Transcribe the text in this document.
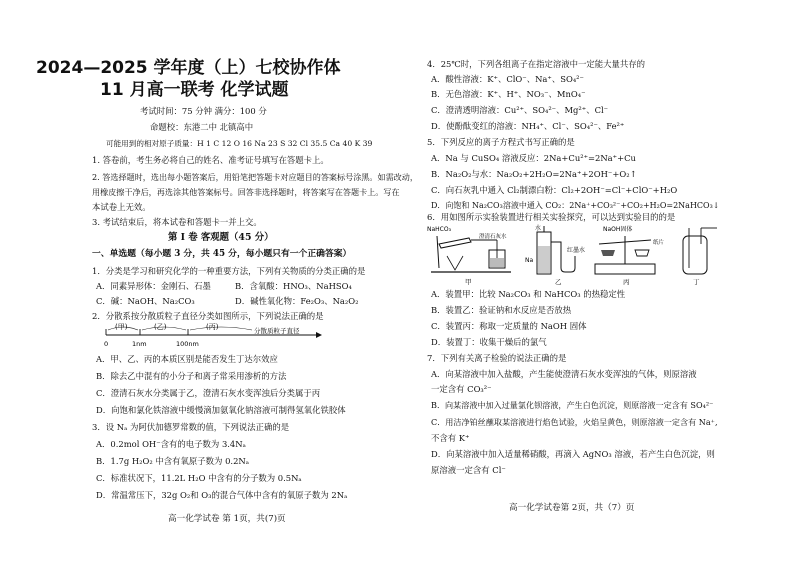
2024—2025 学年度（上）七校协作体
11 月高一联考 化学试题
考试时间：75 分钟 满分：100 分
命题校：东港二中 北镇高中
可能用到的相对原子质量：H 1 C 12 O 16 Na 23 S 32 Cl 35.5 Ca 40 K 39
1. 答卷前，考生务必将自己的姓名、准考证号填写在答题卡上。
2. 答选择题时，选出每小题答案后，用铅笔把答题卡对应题目的答案标号涂黑。如需改动，
用橡皮擦干净后，再选涂其他答案标号。回答非选择题时，将答案写在答题卡上。写在
本试卷上无效。
3. 考试结束后，将本试卷和答题卡一并上交。
第 Ⅰ 卷 客观题（45 分）
一、单选题（每小题 3 分，共 45 分，每小题只有一个正确答案）
1．分类是学习和研究化学的一种重要方法，下列有关物质的分类正确的是
A．同素异形体：金刚石、石墨	B．含氧酸：HNO₃、NaHSO₄
C．碱：NaOH、Na₂CO₃	D．碱性氧化物：Fe₂O₃、Na₂O₂
2．分散系按分散质粒子直径分类如图所示，下列说法正确的是
(甲)	(乙)	(丙)
0	1nm	100nm
分散质粒子直径
A．甲、乙、丙的本质区别是能否发生丁达尔效应
B．除去乙中混有的小分子和离子常采用渗析的方法
C．澄清石灰水分类属于乙，澄清石灰水变浑浊后分类属于丙
D．向饱和氯化铁溶液中缓慢滴加氨氧化钠溶液可制得氢氧化铁胶体
3．设 Nₐ 为阿伏加德罗常数的值，下列说法正确的是
A．0.2mol OH⁻含有的电子数为 3.4Nₐ
B．1.7g H₂O₂ 中含有氧原子数为 0.2Nₐ
C．标准状况下，11.2L H₂O 中含有的分子数为 0.5Nₐ
D．常温常压下，32g O₂和 O₃的混合气体中含有的氧原子数为 2Nₐ
高一化学试卷 第 1页，共(7)页
4．25℃时，下列各组离子在指定溶液中一定能大量共存的
A．酸性溶液：K⁺、ClO⁻、Na⁺、SO₄²⁻
B．无色溶液：K⁺、H⁺、NO₃⁻、MnO₄⁻
C．澄清透明溶液：Cu²⁺、SO₄²⁻、Mg²⁺、Cl⁻
D．使酚酞变红的溶液：NH₄⁺、Cl⁻、SO₄²⁻、Fe²⁺
5．下列反应的离子方程式书写正确的是
A．Na 与 CuSO₄ 溶液反应：2Na+Cu²⁺=2Na⁺+Cu
B．Na₂O₂与水：Na₂O₂+2H₂O=2Na⁺+2OH⁻+O₂↑
C．向石灰乳中通入 Cl₂制漂白粉：Cl₂+2OH⁻=Cl⁻+ClO⁻+H₂O
D．向饱和 Na₂CO₃溶液中通入 CO₂：2Na⁺+CO₃²⁻+CO₂+H₂O=2NaHCO₃↓
6．用如图所示实验装置进行相关实验探究，可以达到实验目的的是
NaHCO₃
澄清石灰水
水
红墨水
Na
NaOH固体
纸片
甲	乙	丙	丁
A．装置甲：比较 Na₂CO₃ 和 NaHCO₃ 的热稳定性
B．装置乙：验证钠和水反应是否放热
C．装置丙：称取一定质量的 NaOH 固体
D．装置丁：收集干燥后的氯气
7．下列有关离子检验的说法正确的是
A．向某溶液中加入盐酸，产生能使澄清石灰水变浑浊的气体，则原溶液
一定含有 CO₃²⁻
B．向某溶液中加入过量氯化钡溶液，产生白色沉淀，则原溶液一定含有 SO₄²⁻
C．用洁净铂丝蘸取某溶液进行焰色试验，火焰呈黄色，则原溶液一定含有 Na⁺,
不含有 K⁺
D．向某溶液中加入适量稀硝酸，再滴入 AgNO₃ 溶液，若产生白色沉淀，则
原溶液一定含有 Cl⁻
高一化学试卷第 2页，共（7）页
